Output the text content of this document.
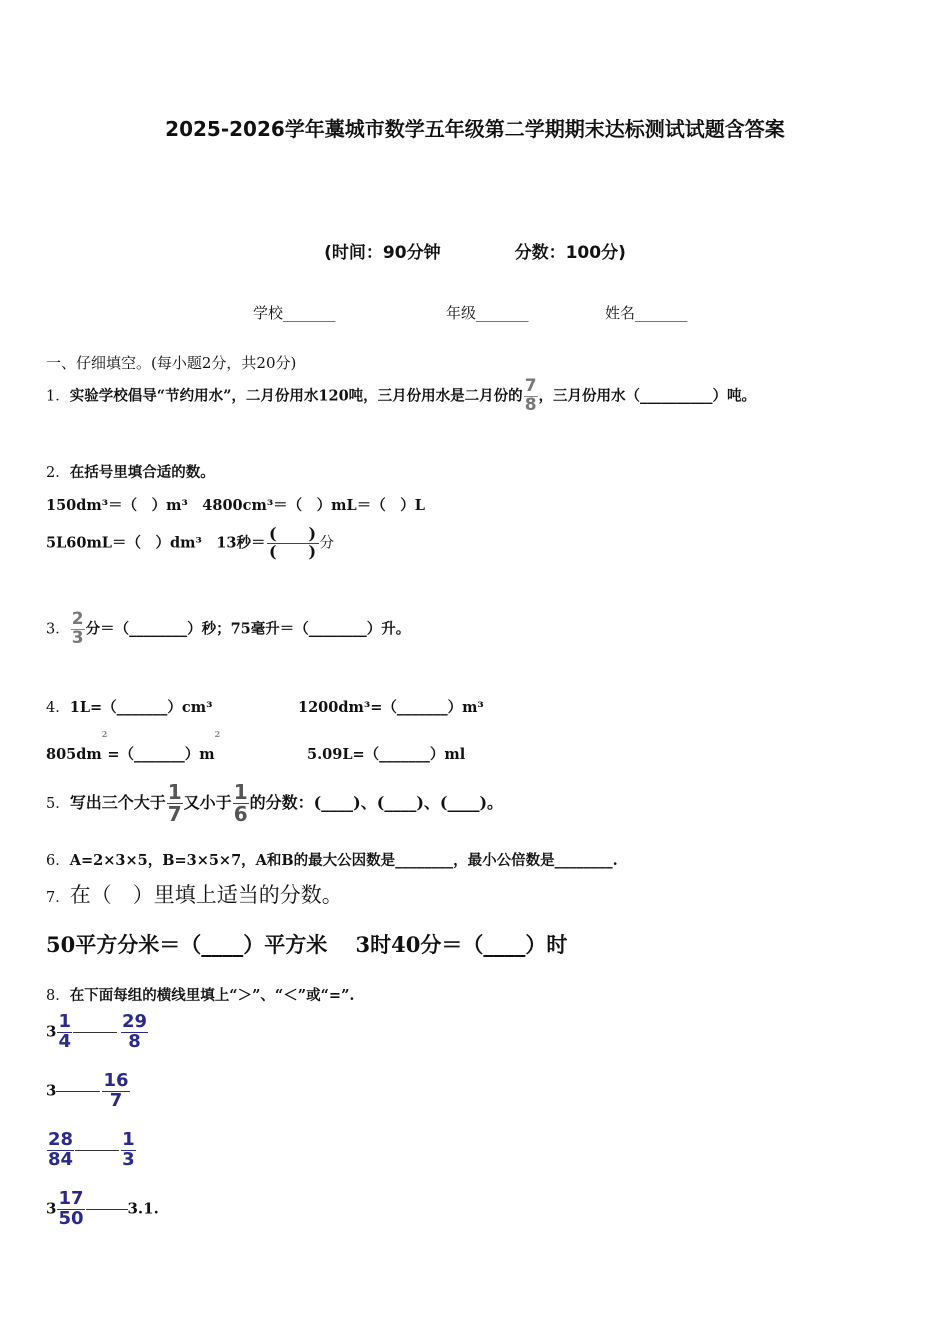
2025-2026学年藁城市数学五年级第二学期期末达标测试试题含答案
(时间：90分钟	分数：100分)
学校_______	年级_______	姓名_______
一、仔细填空。(每小题2分，共20分)
1．实验学校倡导“节约用水”，二月份用水120吨，三月份用水是二月份的 $\frac{7}{8}$ ，三月份用水（__________）吨。
2．在括号里填合适的数。
150dm³＝（　）m³　4800cm³＝（　）mL＝（　）L
5L60mL＝（　）dm³　13秒＝ $\frac{( )}{( )}$ 分
3． $\frac{2}{3}$ 分＝（________）秒；75毫升＝（________）升。
4．1L=（_______）cm³	1200dm³=（_______）m³
$805dm^2=(\_\_\_\_\_\_\_)m^2$
5.09L=（_______）ml
5．写出三个大于 $\frac{1}{7}$ 又小于 $\frac{1}{6}$ 的分数：(____)、(____)、(____)。
6．A=2×3×5，B=3×5×7，A和B的最大公因数是________，最小公倍数是________.
7．在（　）里填上适当的分数。
50平方分米＝（____）平方米　 3时40分＝（____）时
8．在下面每组的横线里填上“＞”、“＜”或“=”.
$3 \frac{1}{4}$	$\frac{29}{8}$
3	$\frac{16}{7}$
$\frac{28}{84}$	$\frac{1}{3}$
$3 \frac{17}{50}$	3.1.
